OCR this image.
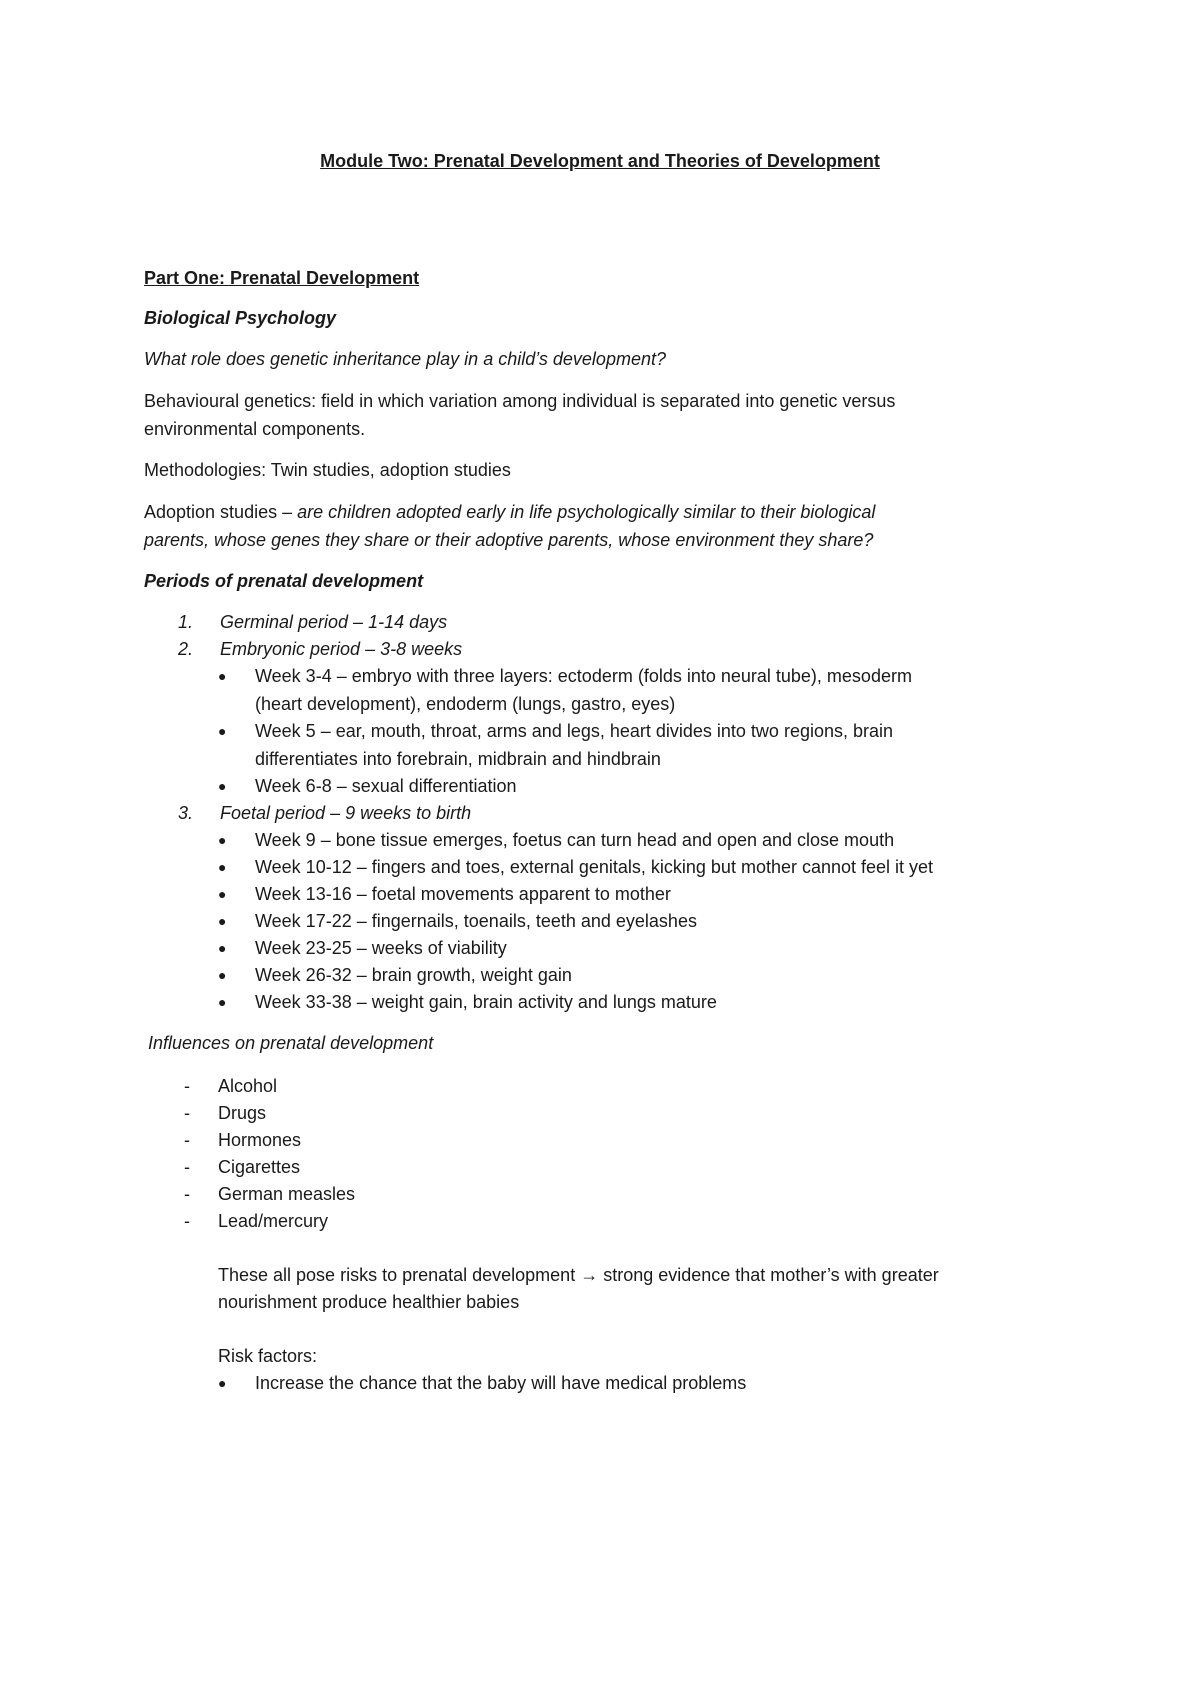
Module Two: Prenatal Development and Theories of Development
Part One: Prenatal Development
Biological Psychology
What role does genetic inheritance play in a child’s development?
Behavioural genetics: field in which variation among individual is separated into genetic versus
environmental components.
Methodologies: Twin studies, adoption studies
Adoption studies – are children adopted early in life psychologically similar to their biological
parents, whose genes they share or their adoptive parents, whose environment they share?
Periods of prenatal development
1. Germinal period – 1-14 days
2. Embryonic period – 3-8 weeks
● Week 3-4 – embryo with three layers: ectoderm (folds into neural tube), mesoderm
(heart development), endoderm (lungs, gastro, eyes)
● Week 5 – ear, mouth, throat, arms and legs, heart divides into two regions, brain
differentiates into forebrain, midbrain and hindbrain
● Week 6-8 – sexual differentiation
3. Foetal period – 9 weeks to birth
● Week 9 – bone tissue emerges, foetus can turn head and open and close mouth
● Week 10-12 – fingers and toes, external genitals, kicking but mother cannot feel it yet
● Week 13-16 – foetal movements apparent to mother
● Week 17-22 – fingernails, toenails, teeth and eyelashes
● Week 23-25 – weeks of viability
● Week 26-32 – brain growth, weight gain
● Week 33-38 – weight gain, brain activity and lungs mature
Influences on prenatal development
- Alcohol
- Drugs
- Hormones
- Cigarettes
- German measles
- Lead/mercury
These all pose risks to prenatal development → strong evidence that mother’s with greater
nourishment produce healthier babies
Risk factors:
● Increase the chance that the baby will have medical problems
